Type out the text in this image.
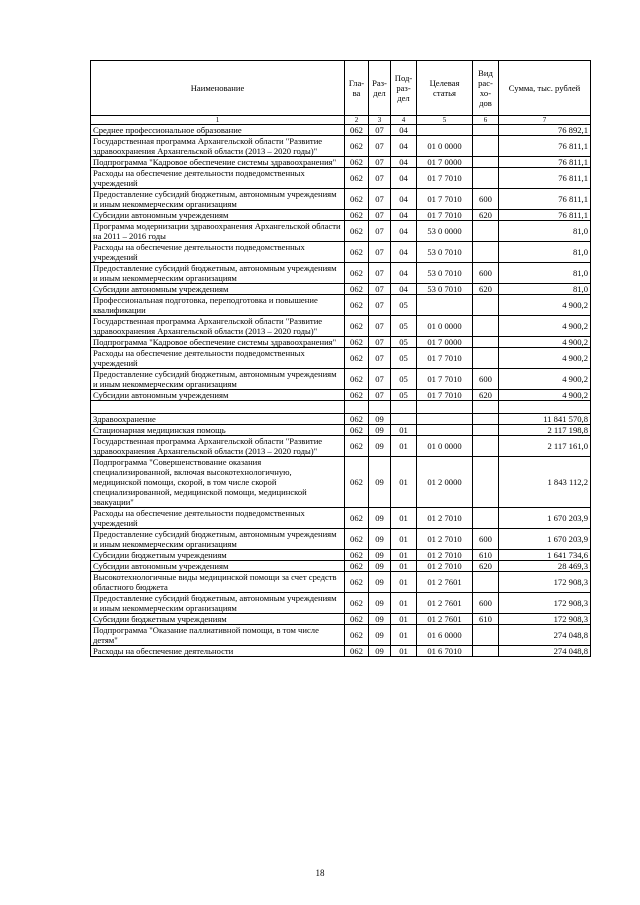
Наименование	Гла-ва	Раз-дел	Под-раз-дел	Целевая статья	Вид рас-хо-дов	Сумма, тыс. рублей
1	2	3	4	5	6	7
Среднее профессиональное образование	062	07	04			76 892,1
Государственная программа Архангельской области "Развитие здравоохранения Архангельской области (2013 – 2020 годы)"	062	07	04	01 0 0000		76 811,1
Подпрограмма "Кадровое обеспечение системы здравоохранения"	062	07	04	01 7 0000		76 811,1
Расходы на обеспечение деятельности подведомственных учреждений	062	07	04	01 7 7010		76 811,1
Предоставление субсидий бюджетным, автономным учреждениям и иным некоммерческим организациям	062	07	04	01 7 7010	600	76 811,1
Субсидии автономным учреждениям	062	07	04	01 7 7010	620	76 811,1
Программа модернизации здравоохранения Архангельской области на 2011 – 2016 годы	062	07	04	53 0 0000		81,0
Расходы на обеспечение деятельности подведомственных учреждений	062	07	04	53 0 7010		81,0
Предоставление субсидий бюджетным, автономным учреждениям и иным некоммерческим организациям	062	07	04	53 0 7010	600	81,0
Субсидии автономным учреждениям	062	07	04	53 0 7010	620	81,0
Профессиональная подготовка, переподготовка и повышение квалификации	062	07	05			4 900,2
Государственная программа Архангельской области "Развитие здравоохранения Архангельской области (2013 – 2020 годы)"	062	07	05	01 0 0000		4 900,2
Подпрограмма "Кадровое обеспечение системы здравоохранения"	062	07	05	01 7 0000		4 900,2
Расходы на обеспечение деятельности подведомственных учреждений	062	07	05	01 7 7010		4 900,2
Предоставление субсидий бюджетным, автономным учреждениям и иным некоммерческим организациям	062	07	05	01 7 7010	600	4 900,2
Субсидии автономным учреждениям	062	07	05	01 7 7010	620	4 900,2

Здравоохранение	062	09				11 841 570,8
Стационарная медицинская помощь	062	09	01			2 117 198,8
Государственная программа Архангельской области "Развитие здравоохранения Архангельской области (2013 – 2020 годы)"	062	09	01	01 0 0000		2 117 161,0
Подпрограмма "Совершенствование оказания специализированной, включая высокотехнологичную, медицинской помощи, скорой, в том числе скорой специализированной, медицинской помощи, медицинской эвакуации"	062	09	01	01 2 0000		1 843 112,2
Расходы на обеспечение деятельности подведомственных учреждений	062	09	01	01 2 7010		1 670 203,9
Предоставление субсидий бюджетным, автономным учреждениям и иным некоммерческим организациям	062	09	01	01 2 7010	600	1 670 203,9
Субсидии бюджетным учреждениям	062	09	01	01 2 7010	610	1 641 734,6
Субсидии автономным учреждениям	062	09	01	01 2 7010	620	28 469,3
Высокотехнологичные виды медицинской помощи за счет средств областного бюджета	062	09	01	01 2 7601		172 908,3
Предоставление субсидий бюджетным, автономным учреждениям и иным некоммерческим организациям	062	09	01	01 2 7601	600	172 908,3
Субсидии бюджетным учреждениям	062	09	01	01 2 7601	610	172 908,3
Подпрограмма "Оказание паллиативной помощи, в том числе детям"	062	09	01	01 6 0000		274 048,8
Расходы на обеспечение деятельности	062	09	01	01 6 7010		274 048,8
18
